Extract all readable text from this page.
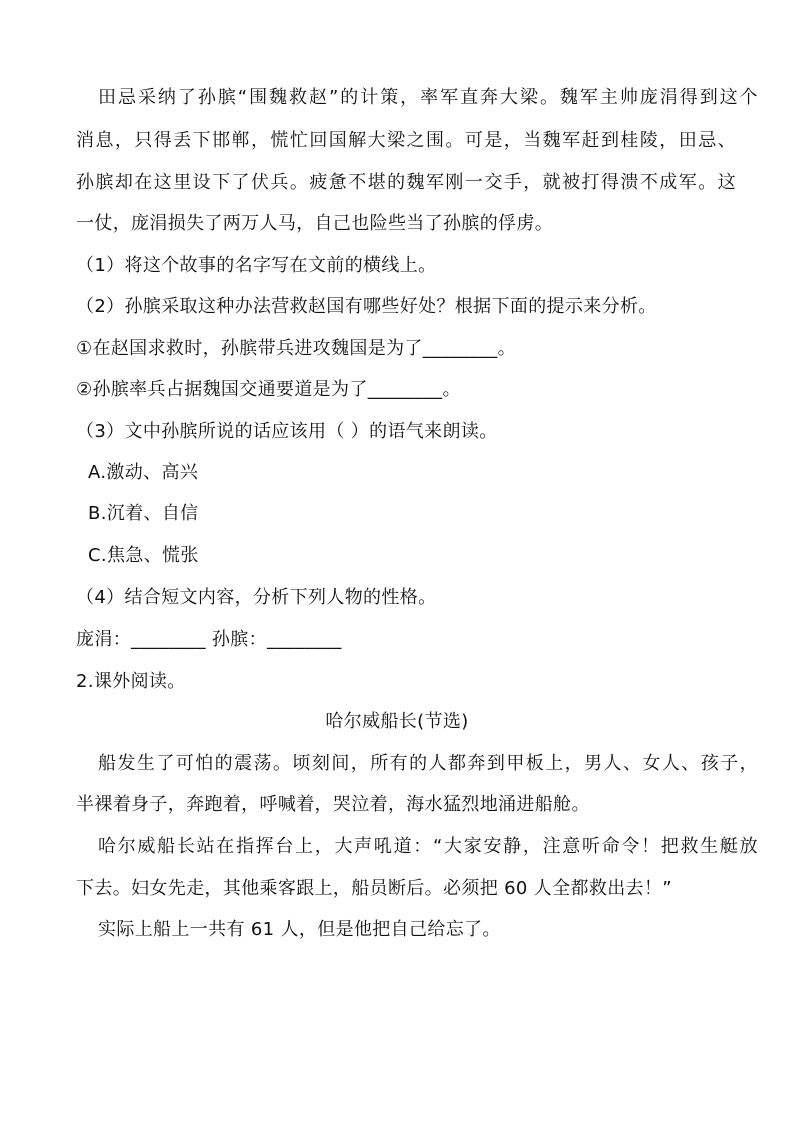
田忌采纳了孙膑“围魏救赵”的计策，率军直奔大梁。魏军主帅庞涓得到这个
消息，只得丢下邯郸，慌忙回国解大梁之围。可是，当魏军赶到桂陵，田忌、
孙膑却在这里设下了伏兵。疲惫不堪的魏军刚一交手，就被打得溃不成军。这
一仗，庞涓损失了两万人马，自己也险些当了孙膑的俘虏。
（1）将这个故事的名字写在文前的横线上。
（2）孙膑采取这种办法营救赵国有哪些好处？根据下面的提示来分析。
①在赵国求救时，孙膑带兵进攻魏国是为了________。
②孙膑率兵占据魏国交通要道是为了________。
（3）文中孙膑所说的话应该用（ ）的语气来朗读。
A.激动、高兴
B.沉着、自信
C.焦急、慌张
（4）结合短文内容，分析下列人物的性格。
庞涓：________ 孙膑：________
2.课外阅读。
哈尔威船长(节选)
船发生了可怕的震荡。顷刻间，所有的人都奔到甲板上，男人、女人、孩子，
半裸着身子，奔跑着，呼喊着，哭泣着，海水猛烈地涌进船舱。
哈尔威船长站在指挥台上，大声吼道：“大家安静，注意听命令！把救生艇放
下去。妇女先走，其他乘客跟上，船员断后。必须把 60 人全都救出去！”
实际上船上一共有 61 人，但是他把自己给忘了。
